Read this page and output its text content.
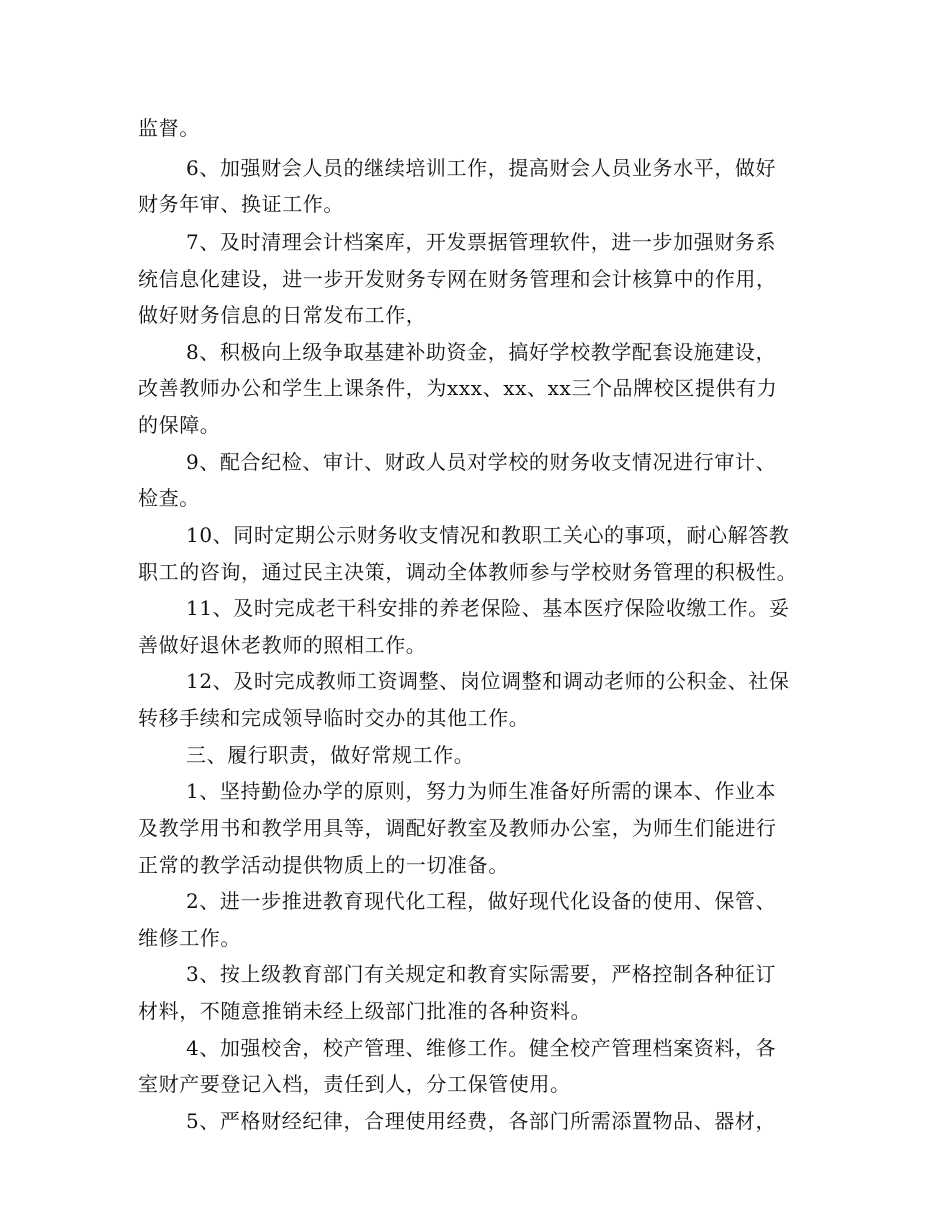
监督。
6、加强财会人员的继续培训工作，提高财会人员业务水平，做好
财务年审、换证工作。
7、及时清理会计档案库，开发票据管理软件，进一步加强财务系
统信息化建设，进一步开发财务专网在财务管理和会计核算中的作用，
做好财务信息的日常发布工作，
8、积极向上级争取基建补助资金，搞好学校教学配套设施建设，
改善教师办公和学生上课条件，为xxx、xx、xx三个品牌校区提供有力
的保障。
9、配合纪检、审计、财政人员对学校的财务收支情况进行审计、
检查。
10、同时定期公示财务收支情况和教职工关心的事项，耐心解答教
职工的咨询，通过民主决策，调动全体教师参与学校财务管理的积极性。
11、及时完成老干科安排的养老保险、基本医疗保险收缴工作。妥
善做好退休老教师的照相工作。
12、及时完成教师工资调整、岗位调整和调动老师的公积金、社保
转移手续和完成领导临时交办的其他工作。
三、履行职责，做好常规工作。
1、坚持勤俭办学的原则，努力为师生准备好所需的课本、作业本
及教学用书和教学用具等，调配好教室及教师办公室，为师生们能进行
正常的教学活动提供物质上的一切准备。
2、进一步推进教育现代化工程，做好现代化设备的使用、保管、
维修工作。
3、按上级教育部门有关规定和教育实际需要，严格控制各种征订
材料，不随意推销未经上级部门批准的各种资料。
4、加强校舍，校产管理、维修工作。健全校产管理档案资料，各
室财产要登记入档，责任到人，分工保管使用。
5、严格财经纪律，合理使用经费，各部门所需添置物品、器材，
